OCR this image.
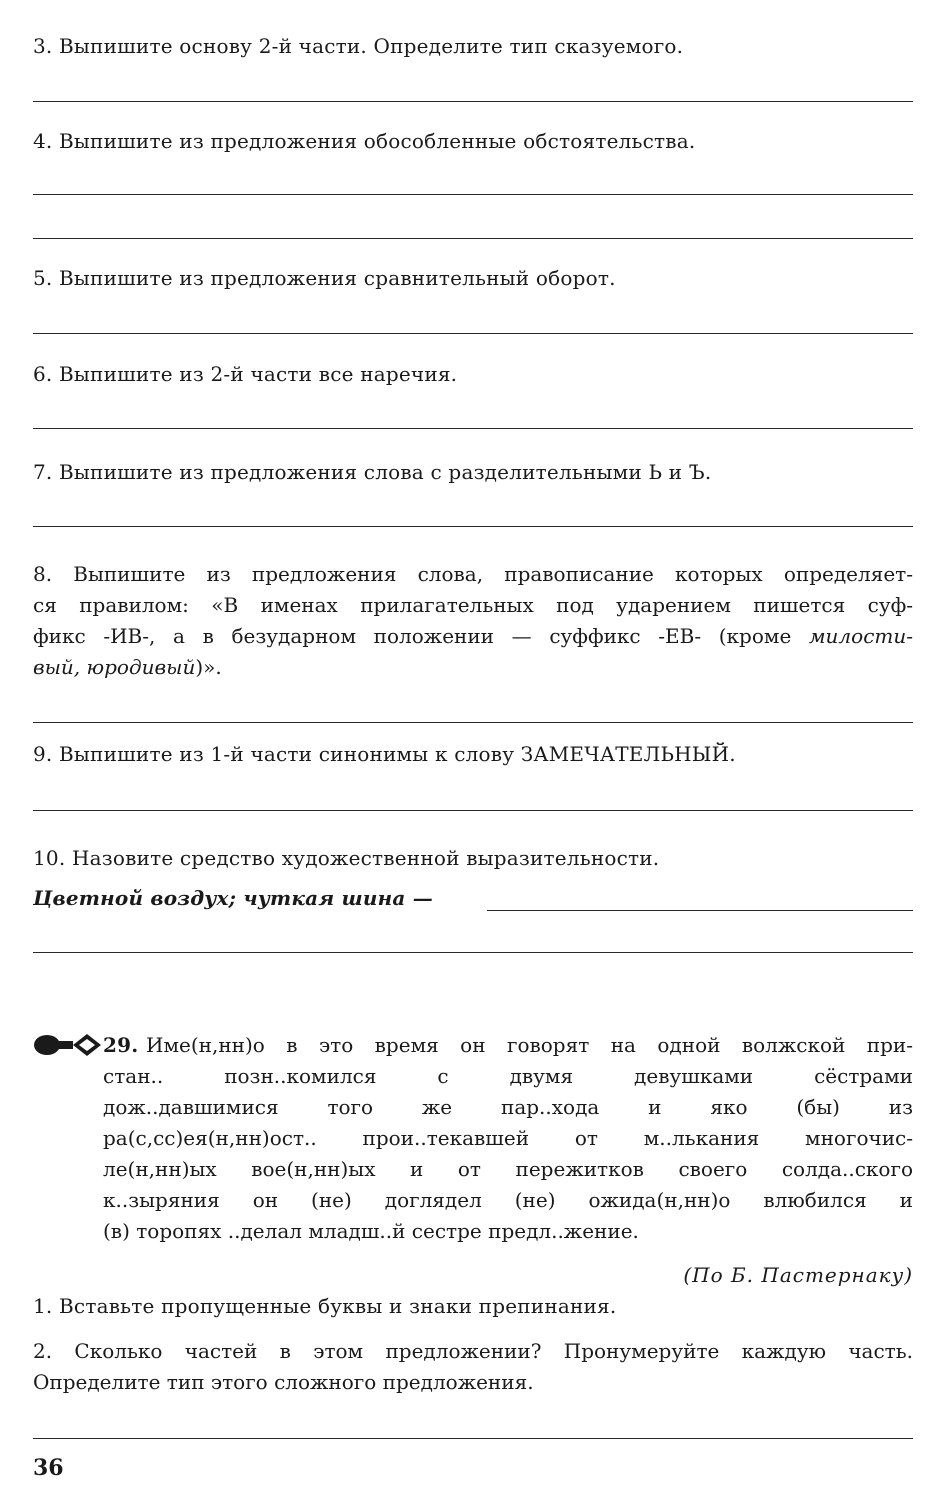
3. Выпишите основу 2-й части. Определите тип сказуемого.

4. Выпишите из предложения обособленные обстоятельства.

5. Выпишите из предложения сравнительный оборот.

6. Выпишите из 2-й части все наречия.

7. Выпишите из предложения слова с разделительными Ь и Ъ.

8. Выпишите из предложения слова, правописание которых определяет-
ся правилом: «В именах прилагательных под ударением пишется суф-
фикс -ИВ-, а в безударном положении — суффикс -ЕВ- (кроме милости-
вый, юродивый)».

9. Выпишите из 1-й части синонимы к слову ЗАМЕЧАТЕЛЬНЫЙ.

10. Назовите средство художественной выразительности.

Цветной воздух; чуткая шина —

29. Име(н,нн)о в это время он говорят на одной волжской при-
стан.. позн..комился с двумя девушками сёстрами
дож..давшимися того же пар..хода и яко (бы) из
ра(с,сс)ея(н,нн)ост.. прои..текавшей от м..лькания многочис-
ле(н,нн)ых вое(н,нн)ых и от пережитков своего солда..ского
к..зыряния он (не) доглядел (не) ожида(н,нн)о влюбился и
(в) торопях ..делал младш..й сестре предл..жение.

(По Б. Пастернаку)

1. Вставьте пропущенные буквы и знаки препинания.

2. Сколько частей в этом предложении? Пронумеруйте каждую часть.
Определите тип этого сложного предложения.

36
